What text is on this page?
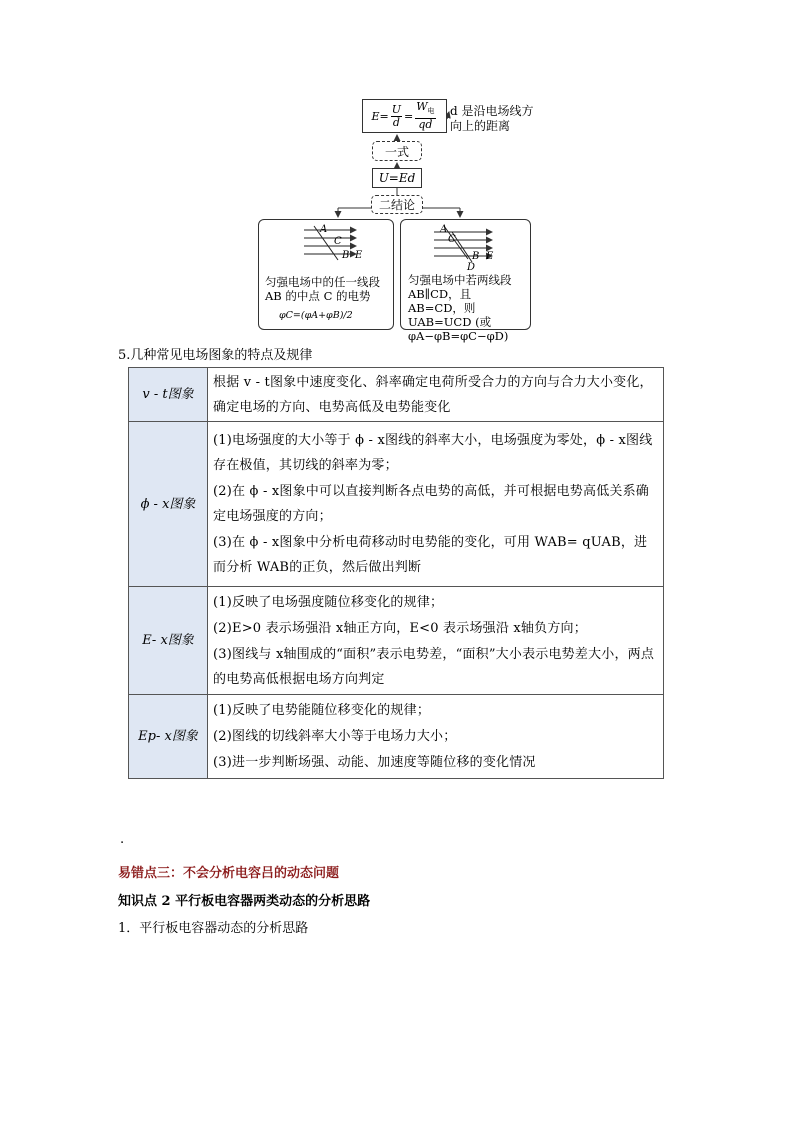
$E = \frac{U}{d} = \frac{W_电}{qd}$ d 是沿电场线方向上的距离
一式
U=Ed
二结论
A
C
B E
匀强电场中的任一线段 AB 的中点 C 的电势
φC=(φA+φB)/2
A
C
B E
D
匀强电场中若两线段 AB∥CD，且 AB=CD，则 UAB=UCD (或φA−φB=φC−φD)
5.几种常见电场图象的特点及规律
v - t图象	根据 v - t图象中速度变化、斜率确定电荷所受合力的方向与合力大小变化，确定电场的方向、电势高低及电势能变化

ϕ - x图象	(1)电场强度的大小等于 ϕ - x图线的斜率大小，电场强度为零处，ϕ - x图线存在极值，其切线的斜率为零；
(2)在 ϕ - x图象中可以直接判断各点电势的高低，并可根据电势高低关系确定电场强度的方向；
(3)在 ϕ - x图象中分析电荷移动时电势能的变化，可用 WAB= qUAB，进而分析 WAB的正负，然后做出判断

E- x图象	(1)反映了电场强度随位移变化的规律；
(2)E>0 表示场强沿 x轴正方向，E<0 表示场强沿 x轴负方向；
(3)图线与 x轴围成的“面积”表示电势差，“面积”大小表示电势差大小，两点的电势高低根据电场方向判定

Ep- x图象	(1)反映了电势能随位移变化的规律；
(2)图线的切线斜率大小等于电场力大小；
(3)进一步判断场强、动能、加速度等随位移的变化情况
.
易错点三：不会分析电容吕的动态问题
知识点 2 平行板电容器两类动态的分析思路
1．平行板电容器动态的分析思路
